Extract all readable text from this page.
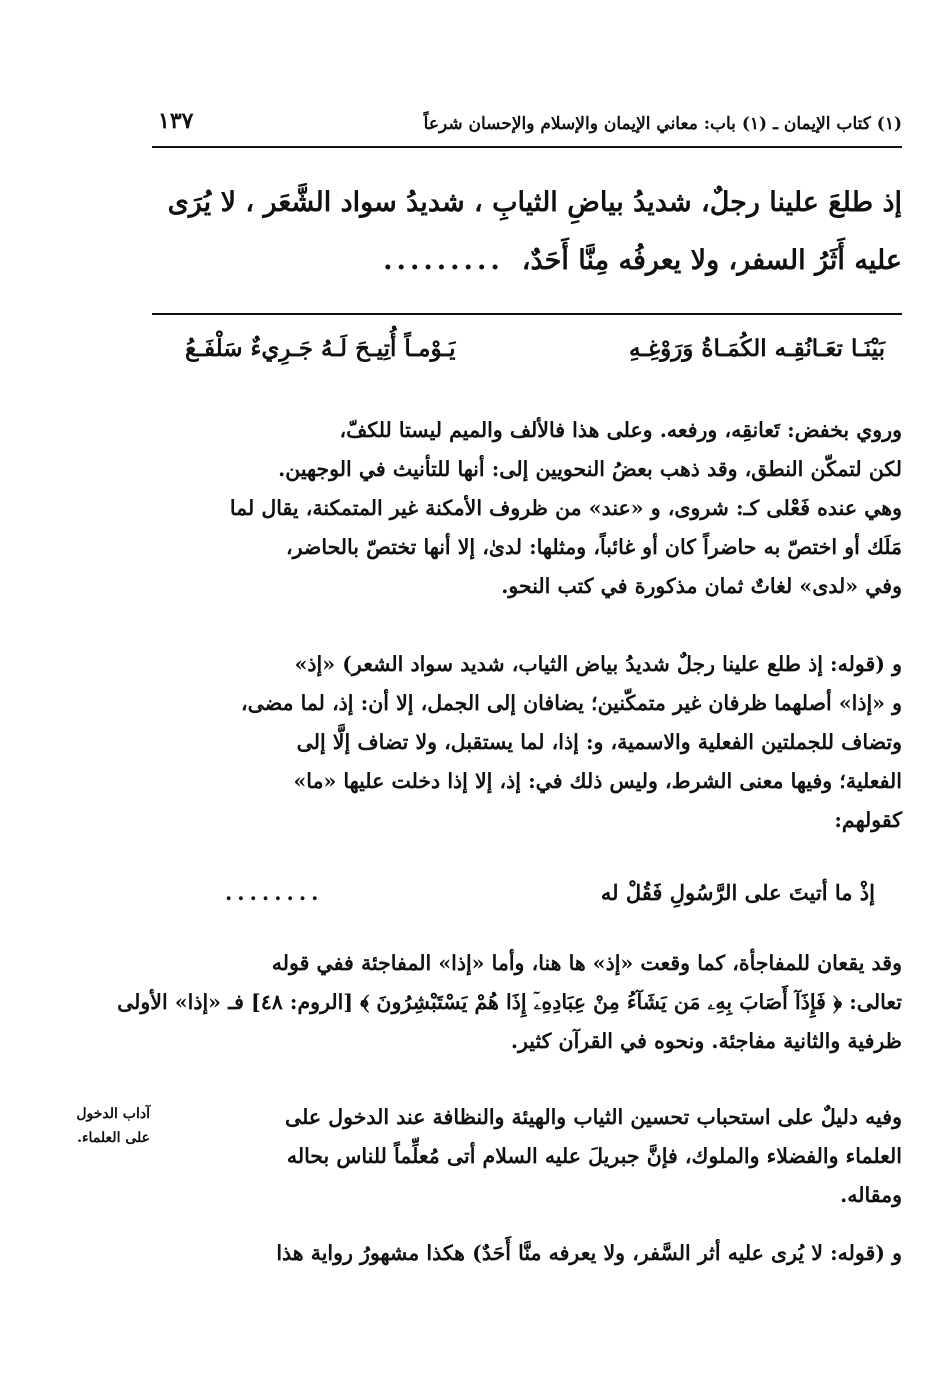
(١) كتاب الإيمان ـ (١) باب: معاني الإيمان والإسلام والإحسان شرعاً
١٣٧
إذ طلعَ علينا رجلٌ، شديدُ بياضِ الثيابِ ، شديدُ سواد الشَّعَر ، لا يُرَى
عليه أَثَرُ السفر، ولا يعرفُه مِنَّا أَحَدٌ،.........
بَيْنَـا تعَـانُقِـه الكُمَـاةُ وَرَوْغِـهِ
يَـوْمـاً أُتِيـحَ لَـهُ جَـرِيءٌ سَلْفَـعُ
وروي بخفض: تَعانقِه، ورفعه. وعلى هذا فالألف والميم ليستا للكفّ،
لكن لتمكّن النطق، وقد ذهب بعضُ النحويين إلى: أنها للتأنيث في الوجهين.
وهي عنده فَعْلى كـ: شروى، و «عند» من ظروف الأمكنة غير المتمكنة، يقال لما
مَلَك أو اختصّ به حاضراً كان أو غائباً، ومثلها: لدىٰ، إلا أنها تختصّ بالحاضر،
وفي «لدى» لغاتٌ ثمان مذكورة في كتب النحو.
و (قوله: إذ طلع علينا رجلٌ شديدُ بياض الثياب، شديد سواد الشعر) «إذ»
و «إذا» أصلهما ظرفان غير متمكّنين؛ يضافان إلى الجمل، إلا أن: إذ، لما مضى،
وتضاف للجملتين الفعلية والاسمية، و: إذا، لما يستقبل، ولا تضاف إلَّا إلى
الفعلية؛ وفيها معنى الشرط، وليس ذلك في: إذ، إلا إذا دخلت عليها «ما»
كقولهم:
إذْ ما أتيتَ على الرَّسُولِ فَقُلْ له
........
وقد يقعان للمفاجأة، كما وقعت «إذ» ها هنا، وأما «إذا» المفاجئة ففي قوله
تعالى: ﴿ فَإِذَآ أَصَابَ بِهِۦ مَن يَشَآءُ مِنْ عِبَادِهِۦٓ إِذَا هُمْ يَسْتَبْشِرُونَ ﴾ [الروم: ٤٨] فـ «إذا» الأولى
ظرفية والثانية مفاجئة. ونحوه في القرآن كثير.
وفيه دليلٌ على استحباب تحسين الثياب والهيئة والنظافة عند الدخول على
العلماء والفضلاء والملوك، فإنَّ جبريلَ عليه السلام أتى مُعلِّماً للناس بحاله
ومقاله.
آداب الدخول
على العلماء.
و (قوله: لا يُرى عليه أثر السَّفر، ولا يعرفه منَّا أَحَدٌ) هكذا مشهورُ رواية هذا
